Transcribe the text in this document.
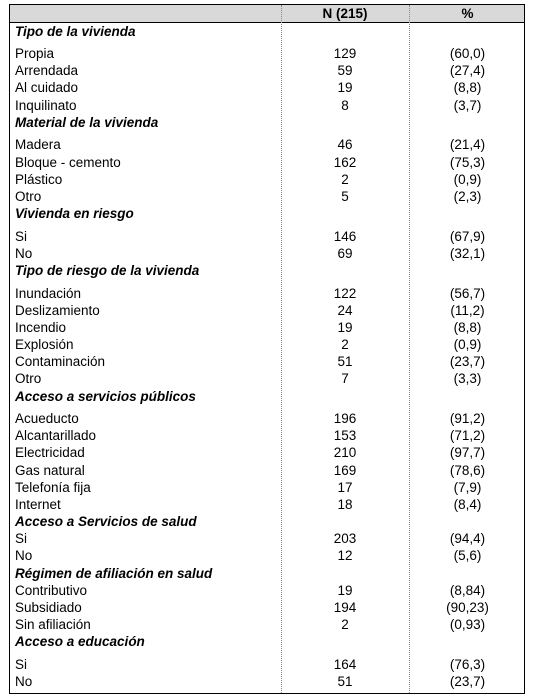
N (215)	%
Tipo de la vivienda
Propia	129	(60,0)
Arrendada	59	(27,4)
Al cuidado	19	(8,8)
Inquilinato	8	(3,7)
Material de la vivienda
Madera	46	(21,4)
Bloque - cemento	162	(75,3)
Plástico	2	(0,9)
Otro	5	(2,3)
Vivienda en riesgo
Si	146	(67,9)
No	69	(32,1)
Tipo de riesgo de la vivienda
Inundación	122	(56,7)
Deslizamiento	24	(11,2)
Incendio	19	(8,8)
Explosión	2	(0,9)
Contaminación	51	(23,7)
Otro	7	(3,3)
Acceso a servicios públicos
Acueducto	196	(91,2)
Alcantarillado	153	(71,2)
Electricidad	210	(97,7)
Gas natural	169	(78,6)
Telefonía fija	17	(7,9)
Internet	18	(8,4)
Acceso a Servicios de salud
Si	203	(94,4)
No	12	(5,6)
Régimen de afiliación en salud
Contributivo	19	(8,84)
Subsidiado	194	(90,23)
Sin afiliación	2	(0,93)
Acceso a educación
Si	164	(76,3)
No	51	(23,7)
